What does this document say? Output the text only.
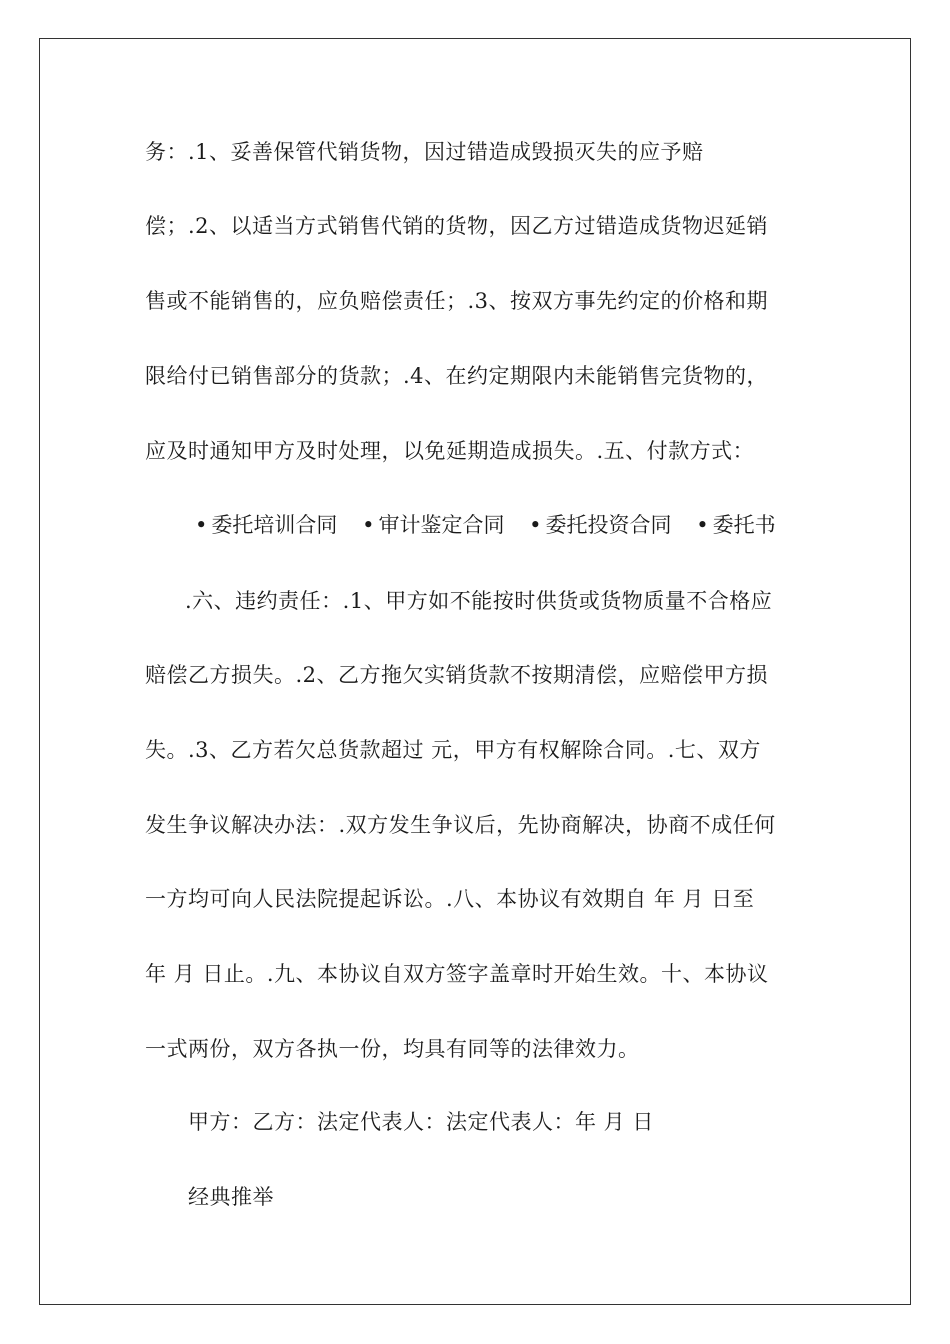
务：.1、妥善保管代销货物，因过错造成毁损灭失的应予赔
偿；.2、以适当方式销售代销的货物，因乙方过错造成货物迟延销
售或不能销售的，应负赔偿责任；.3、按双方事先约定的价格和期
限给付已销售部分的货款；.4、在约定期限内未能销售完货物的，
应及时通知甲方及时处理，以免延期造成损失。.五、付款方式：
• 委托培训合同 • 审计鉴定合同 • 委托投资合同 • 委托书
.六、违约责任：.1、甲方如不能按时供货或货物质量不合格应
赔偿乙方损失。.2、乙方拖欠实销货款不按期清偿，应赔偿甲方损
失。.3、乙方若欠总货款超过 元，甲方有权解除合同。.七、双方
发生争议解决办法：.双方发生争议后，先协商解决，协商不成任何
一方均可向人民法院提起诉讼。.八、本协议有效期自 年 月 日至
年 月 日止。.九、本协议自双方签字盖章时开始生效。十、本协议
一式两份，双方各执一份，均具有同等的法律效力。
甲方：乙方：法定代表人：法定代表人：年 月 日
经典推举
